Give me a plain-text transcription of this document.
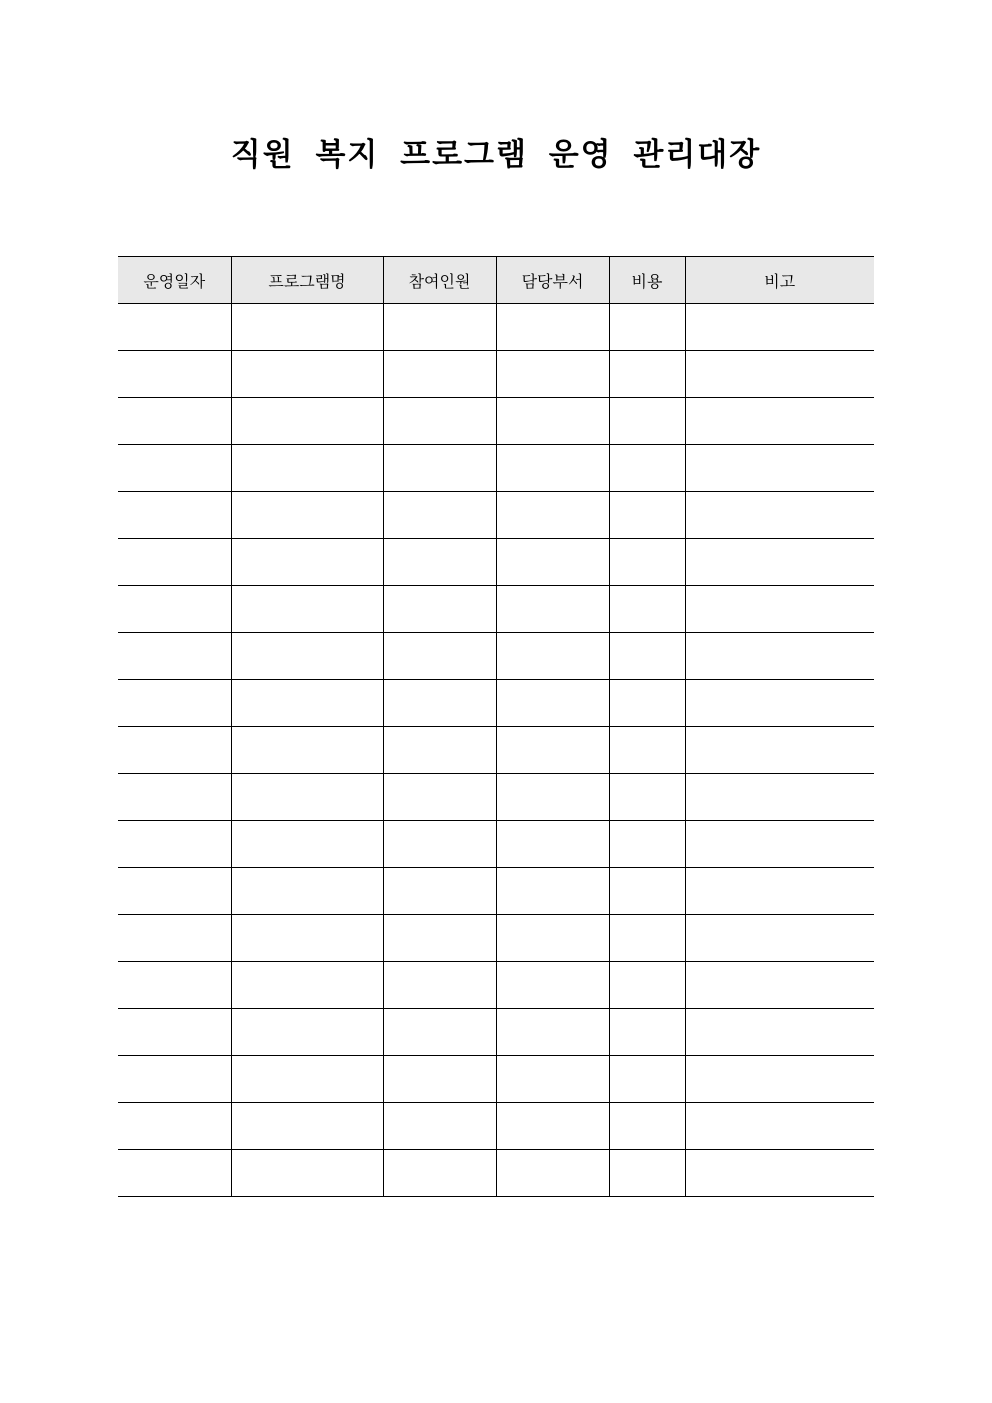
직원 복지 프로그램 운영 관리대장
운영일자	프로그램명	참여인원	담당부서	비용	비고
